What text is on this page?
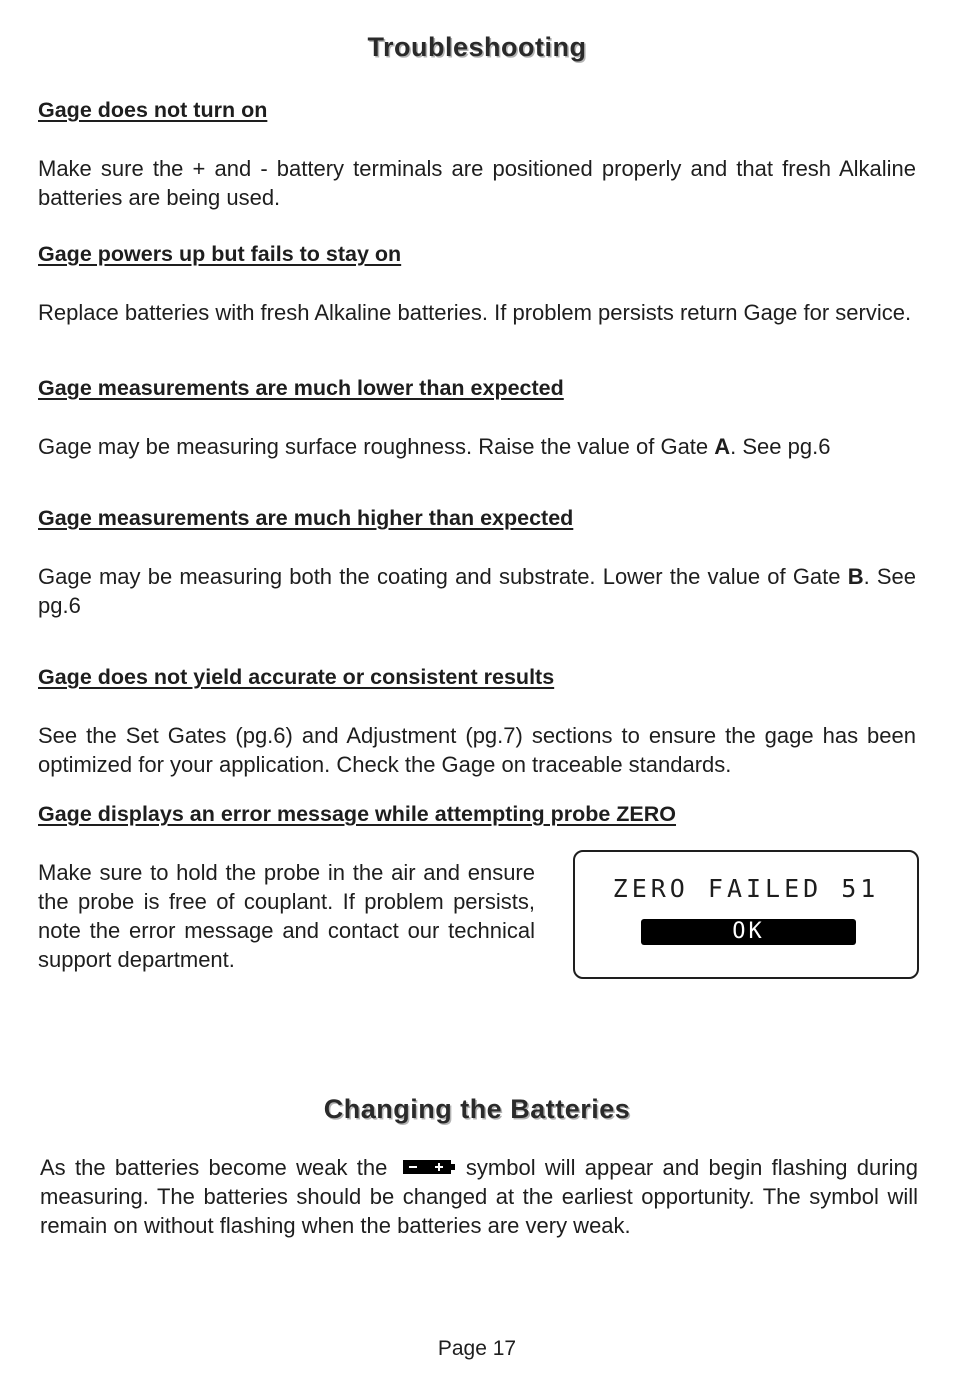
Troubleshooting
Gage does not turn on
Make sure the + and - battery terminals are positioned properly and that fresh Alkaline batteries are being used.
Gage powers up but fails to stay on
Replace batteries with fresh Alkaline batteries. If problem persists return Gage for service.
Gage measurements are much lower than expected
Gage may be measuring surface roughness. Raise the value of Gate A. See pg.6
Gage measurements are much higher than expected
Gage may be measuring both the coating and substrate. Lower the value of Gate B. See pg.6
Gage does not yield accurate or consistent results
See the Set Gates (pg.6) and Adjustment (pg.7) sections to ensure the gage has been optimized for your application. Check the Gage on traceable standards.
Gage displays an error message while attempting probe ZERO
Make sure to hold the probe in the air and ensure the probe is free of couplant. If problem persists, note the error message and contact our technical support department.
ZERO FAILED 51
OK
Changing the Batteries
As the batteries become weak the	symbol will appear and begin flashing during measuring. The batteries should be changed at the earliest opportunity. The symbol will remain on without flashing when the batteries are very weak.
Page 17
